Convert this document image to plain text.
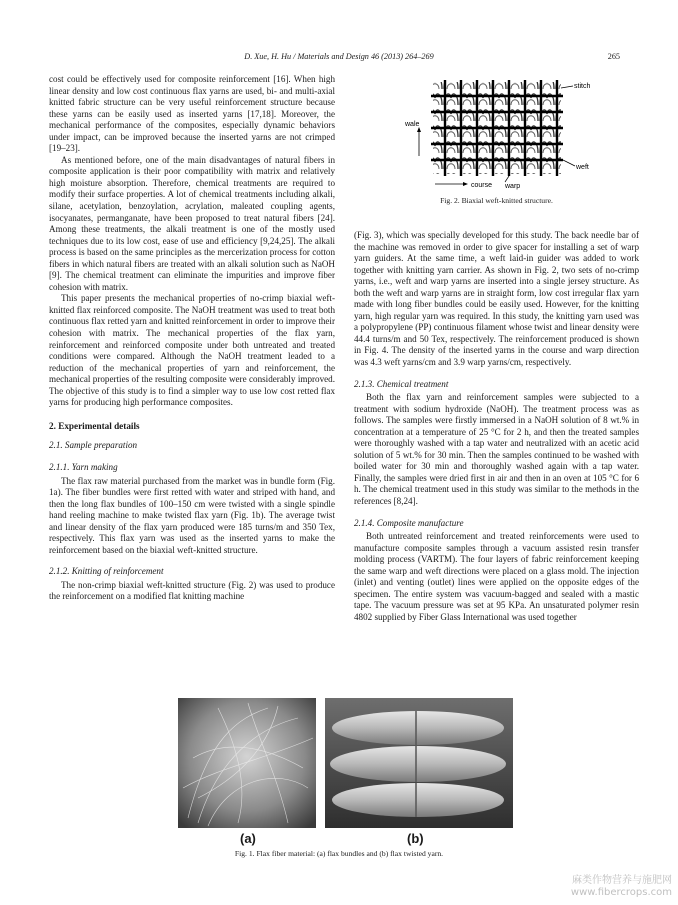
D. Xue, H. Hu / Materials and Design 46 (2013) 264–269	265

cost could be effectively used for composite reinforcement [16]. When high linear density and low cost continuous flax yarns are used, bi- and multi-axial knitted fabric structure can be very useful reinforcement structure because these yarns can be easily used as inserted yarns [17,18]. Moreover, the mechanical performance of the composites, especially dynamic behaviors under impact, can be improved because the inserted yarns are not crimped [19–23].

As mentioned before, one of the main disadvantages of natural fibers in composite application is their poor compatibility with matrix and relatively high moisture absorption. Therefore, chemical treatments are required to modify their surface properties. A lot of chemical treatments including alkali, silane, acetylation, benzoylation, acrylation, maleated coupling agents, isocyanates, permanganate, have been proposed to treat natural fibers [24]. Among these treatments, the alkali treatment is one of the mostly used techniques due to its low cost, ease of use and efficiency [9,24,25]. The alkali process is based on the same principles as the mercerization process for cotton fibers in which natural fibers are treated with an alkali solution such as NaOH [9]. The chemical treatment can eliminate the impurities and improve fiber cohesion with matrix.

This paper presents the mechanical properties of no-crimp biaxial weft-knitted flax reinforced composite. The NaOH treatment was used to treat both continuous flax retted yarn and knitted reinforcement in order to improve their cohesion with matrix. The mechanical properties of the flax yarn, reinforcement and reinforced composite under both untreated and treated conditions were compared. Although the NaOH treatment leaded to a reduction of the mechanical properties of yarn and reinforcement, the mechanical properties of the resulting composite were considerably improved. The objective of this study is to find a simpler way to use low cost retted flax yarns for producing high performance composites.

2. Experimental details
2.1. Sample preparation
2.1.1. Yarn making

The flax raw material purchased from the market was in bundle form (Fig. 1a). The fiber bundles were first retted with water and striped with hand, and then the long flax bundles of 100–150 cm were twisted with a single spindle hand reeling machine to make twisted flax yarn (Fig. 1b). The average twist and linear density of the flax yarn produced were 185 turns/m and 350 Tex, respectively. This flax yarn was used as the inserted yarns to make the reinforcement based on the biaxial weft-knitted structure.

2.1.2. Knitting of reinforcement

The non-crimp biaxial weft-knitted structure (Fig. 2) was used to produce the reinforcement on a modified flat knitting machine

stitch
wale
weft
course warp
Fig. 2. Biaxial weft-knitted structure.

(Fig. 3), which was specially developed for this study. The back needle bar of the machine was removed in order to give spacer for installing a set of warp yarn guiders. At the same time, a weft laid-in guider was added to work together with knitting yarn carrier. As shown in Fig. 2, two sets of no-crimp yarns, i.e., weft and warp yarns are inserted into a single jersey structure. As both the weft and warp yarns are in straight form, low cost irregular flax yarn made with long fiber bundles could be easily used. However, for the knitting yarn, high regular yarn was required. In this study, the knitting yarn used was a polypropylene (PP) continuous filament whose twist and linear density were 44.4 turns/m and 50 Tex, respectively. The reinforcement produced is shown in Fig. 4. The density of the inserted yarns in the course and warp direction was 4.3 weft yarns/cm and 3.9 warp yarns/cm, respectively.

2.1.3. Chemical treatment

Both the flax yarn and reinforcement samples were subjected to a treatment with sodium hydroxide (NaOH). The treatment process was as follows. The samples were firstly immersed in a NaOH solution of 8 wt.% in concentration at a temperature of 25 °C for 2 h, and then the treated samples were thoroughly washed with a tap water and neutralized with an acetic acid solution of 5 wt.% for 30 min. Then the samples continued to be washed with boiled water for 30 min and thoroughly washed again with a tap water. Finally, the samples were dried first in air and then in an oven at 105 °C for 6 h. The chemical treatment used in this study was similar to the methods in the references [8,24].

2.1.4. Composite manufacture

Both untreated reinforcement and treated reinforcements were used to manufacture composite samples through a vacuum assisted resin transfer molding process (VARTM). The four layers of fabric reinforcement keeping the same warp and weft directions were placed on a glass mold. The injection (inlet) and venting (outlet) lines were applied on the opposite edges of the specimen. The entire system was vacuum-bagged and sealed with a mastic tape. The vacuum pressure was set at 95 KPa. An unsaturated polymer resin 4802 supplied by Fiber Glass International was used together

(a)	(b)
Fig. 1. Flax fiber material: (a) flax bundles and (b) flax twisted yarn.
麻类作物营养与施肥网
www.fibercrops.com
